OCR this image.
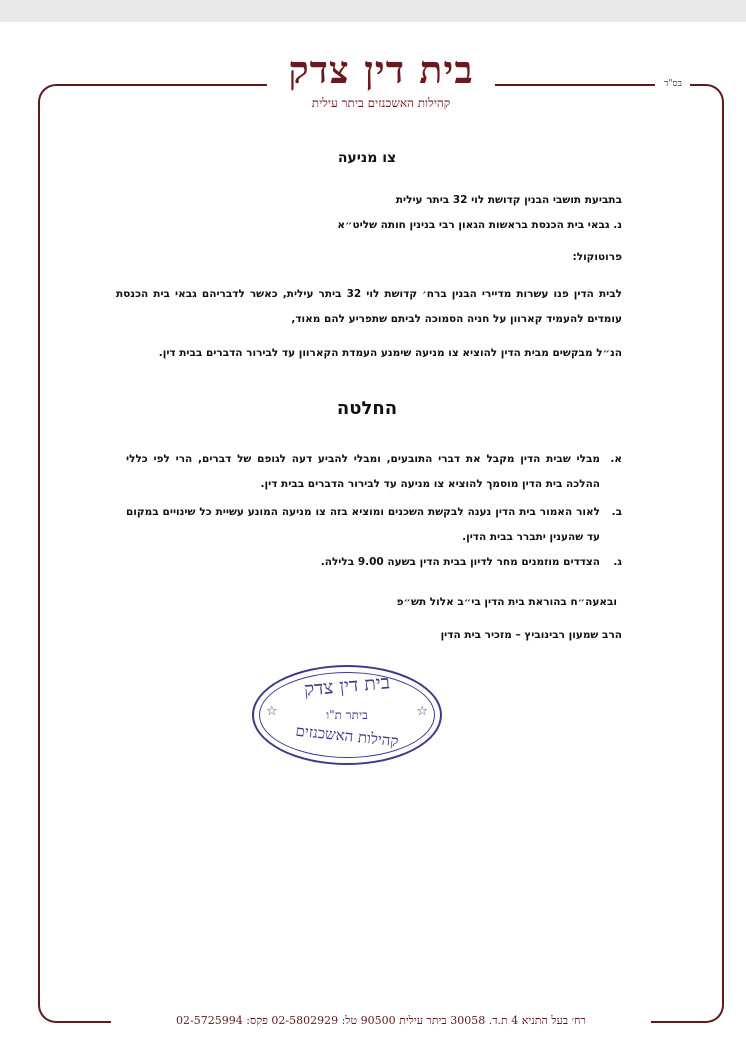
בית דין צדק
קהילות האשכנזים ביתר עילית
בס"ד
צו מניעה
בתביעת תושבי הבנין קדושת לוי 32 ביתר עילית
נ. גבאי בית הכנסת בראשות הגאון רבי בנינין חותה שליט״א
פרוטוקול:
לבית הדין פנו עשרות מדיירי הבנין ברח׳ קדושת לוי 32 ביתר עילית, כאשר לדבריהם גבאי בית הכנסת עומדים להעמיד קארוון על חניה הסמוכה לביתם שתפריע להם מאוד,
הנ״ל מבקשים מבית הדין להוציא צו מניעה שימנע העמדת הקארוון עד לבירור הדברים בבית דין.
החלטה
א.
מבלי שבית הדין מקבל את דברי התובעים, ומבלי להביע דעה לגופם של דברים, הרי לפי כללי ההלכה בית הדין מוסמך להוציא צו מניעה עד לבירור הדברים בבית דין.
ב.
לאור האמור בית הדין נענה לבקשת השכנים ומוציא בזה צו מניעה המונע עשיית כל שינויים במקום עד שהענין יתברר בבית הדין.
ג.
הצדדים מוזמנים מחר לדיון בבית הדין בשעה 9.00 בלילה.
ובאעה״ח בהוראת בית הדין בי״ב אלול תש״פ
הרב שמעון רבינוביץ – מזכיר בית הדין
בית דין צדק
☆	ביתר ת"ו	☆
קהילות האשכנזים
רח׳ בעל התניא 4 ת.ד. 30058 ביתר עילית 90500 טל: 02-5802929 פקס: 02-5725994
